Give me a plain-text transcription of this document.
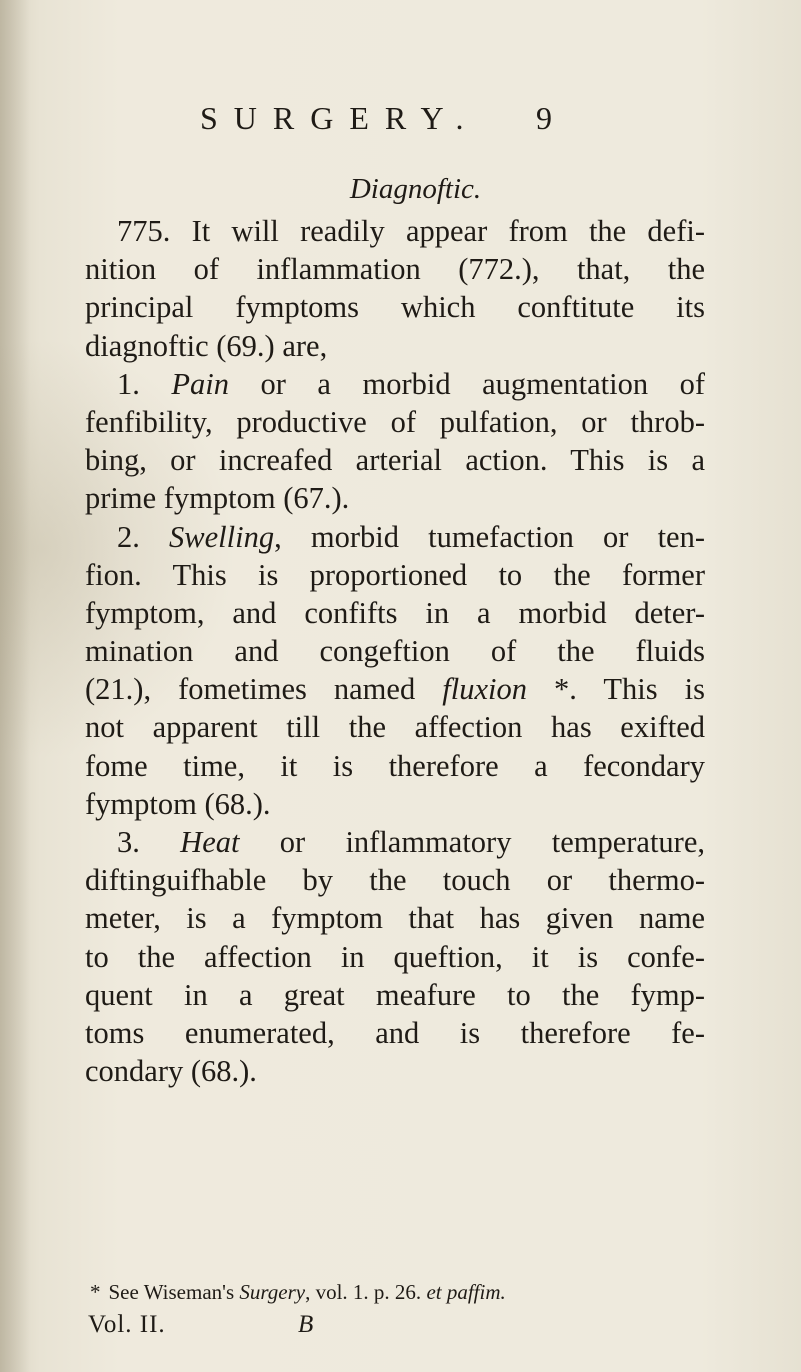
SURGERY. 9
Diagnoftic.
775. It will readily appear from the defi-
nition of inflammation (772.), that, the
principal fymptoms which conftitute its
diagnoftic (69.) are,
1. Pain or a morbid augmentation of
fenfibility, productive of pulfation, or throb-
bing, or increafed arterial action. This is a
prime fymptom (67.).
2. Swelling, morbid tumefaction or ten-
fion. This is proportioned to the former
fymptom, and confifts in a morbid deter-
mination and congeftion of the fluids
(21.), fometimes named fluxion *. This is
not apparent till the affection has exifted
fome time, it is therefore a fecondary
fymptom (68.).
3. Heat or inflammatory temperature,
diftinguifhable by the touch or thermo-
meter, is a fymptom that has given name
to the affection in queftion, it is confe-
quent in a great meafure to the fymp-
toms enumerated, and is therefore fe-
condary (68.).
* See Wiseman's Surgery, vol. 1. p. 26. et paffim.
Vol. II.	B
